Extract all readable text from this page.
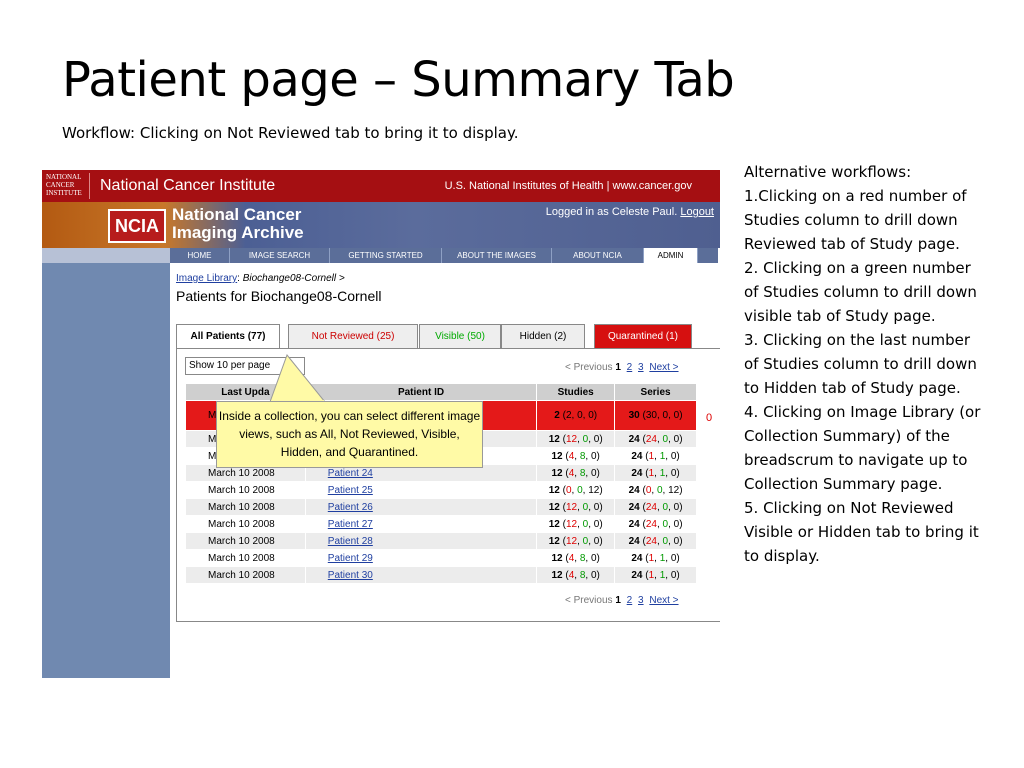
Patient page – Summary Tab
Workflow: Clicking on Not Reviewed tab to bring it to display.
Alternative workflows:
1.Clicking on a red number of Studies column to drill down Reviewed tab of Study page.
2. Clicking on a green number of Studies column to drill down visible tab of Study page.
3. Clicking on the last number of Studies column to drill down to Hidden tab of Study page.
4. Clicking on Image Library (or Collection Summary) of the breadscrum to navigate up to Collection Summary page.
5. Clicking on Not Reviewed Visible or Hidden tab to bring it to display.
NATIONAL CANCER INSTITUTE	National Cancer Institute	U.S. National Institutes of Health | www.cancer.gov
NCIA
National Cancer
Imaging Archive
Logged in as Celeste Paul. Logout
HOME	IMAGE SEARCH	GETTING STARTED	ABOUT THE IMAGES	ABOUT NCIA	ADMIN
Image Library: Biochange08-Cornell >
Patients for Biochange08-Cornell
All Patients (77)	Not Reviewed (25)	Visible (50)	Hidden (2)	Quarantined (1)
Show 10 per page	< Previous 1 2 3 Next >
Last Upda	Patient ID	Studies	Series
M		2 (2, 0, 0)	30 (30, 0, 0)
M		12 (12, 0, 0)	24 (24, 0, 0)
M		12 (4, 8, 0)	24 (1, 1, 0)
March 10 2008	Patient 24	12 (4, 8, 0)	24 (1, 1, 0)
March 10 2008	Patient 25	12 (0, 0, 12)	24 (0, 0, 12)
March 10 2008	Patient 26	12 (12, 0, 0)	24 (24, 0, 0)
March 10 2008	Patient 27	12 (12, 0, 0)	24 (24, 0, 0)
March 10 2008	Patient 28	12 (12, 0, 0)	24 (24, 0, 0)
March 10 2008	Patient 29	12 (4, 8, 0)	24 (1, 1, 0)
March 10 2008	Patient 30	12 (4, 8, 0)	24 (1, 1, 0)
0
< Previous 1 2 3 Next >
Inside a collection, you can select different image views, such as All, Not Reviewed, Visible, Hidden, and Quarantined.
